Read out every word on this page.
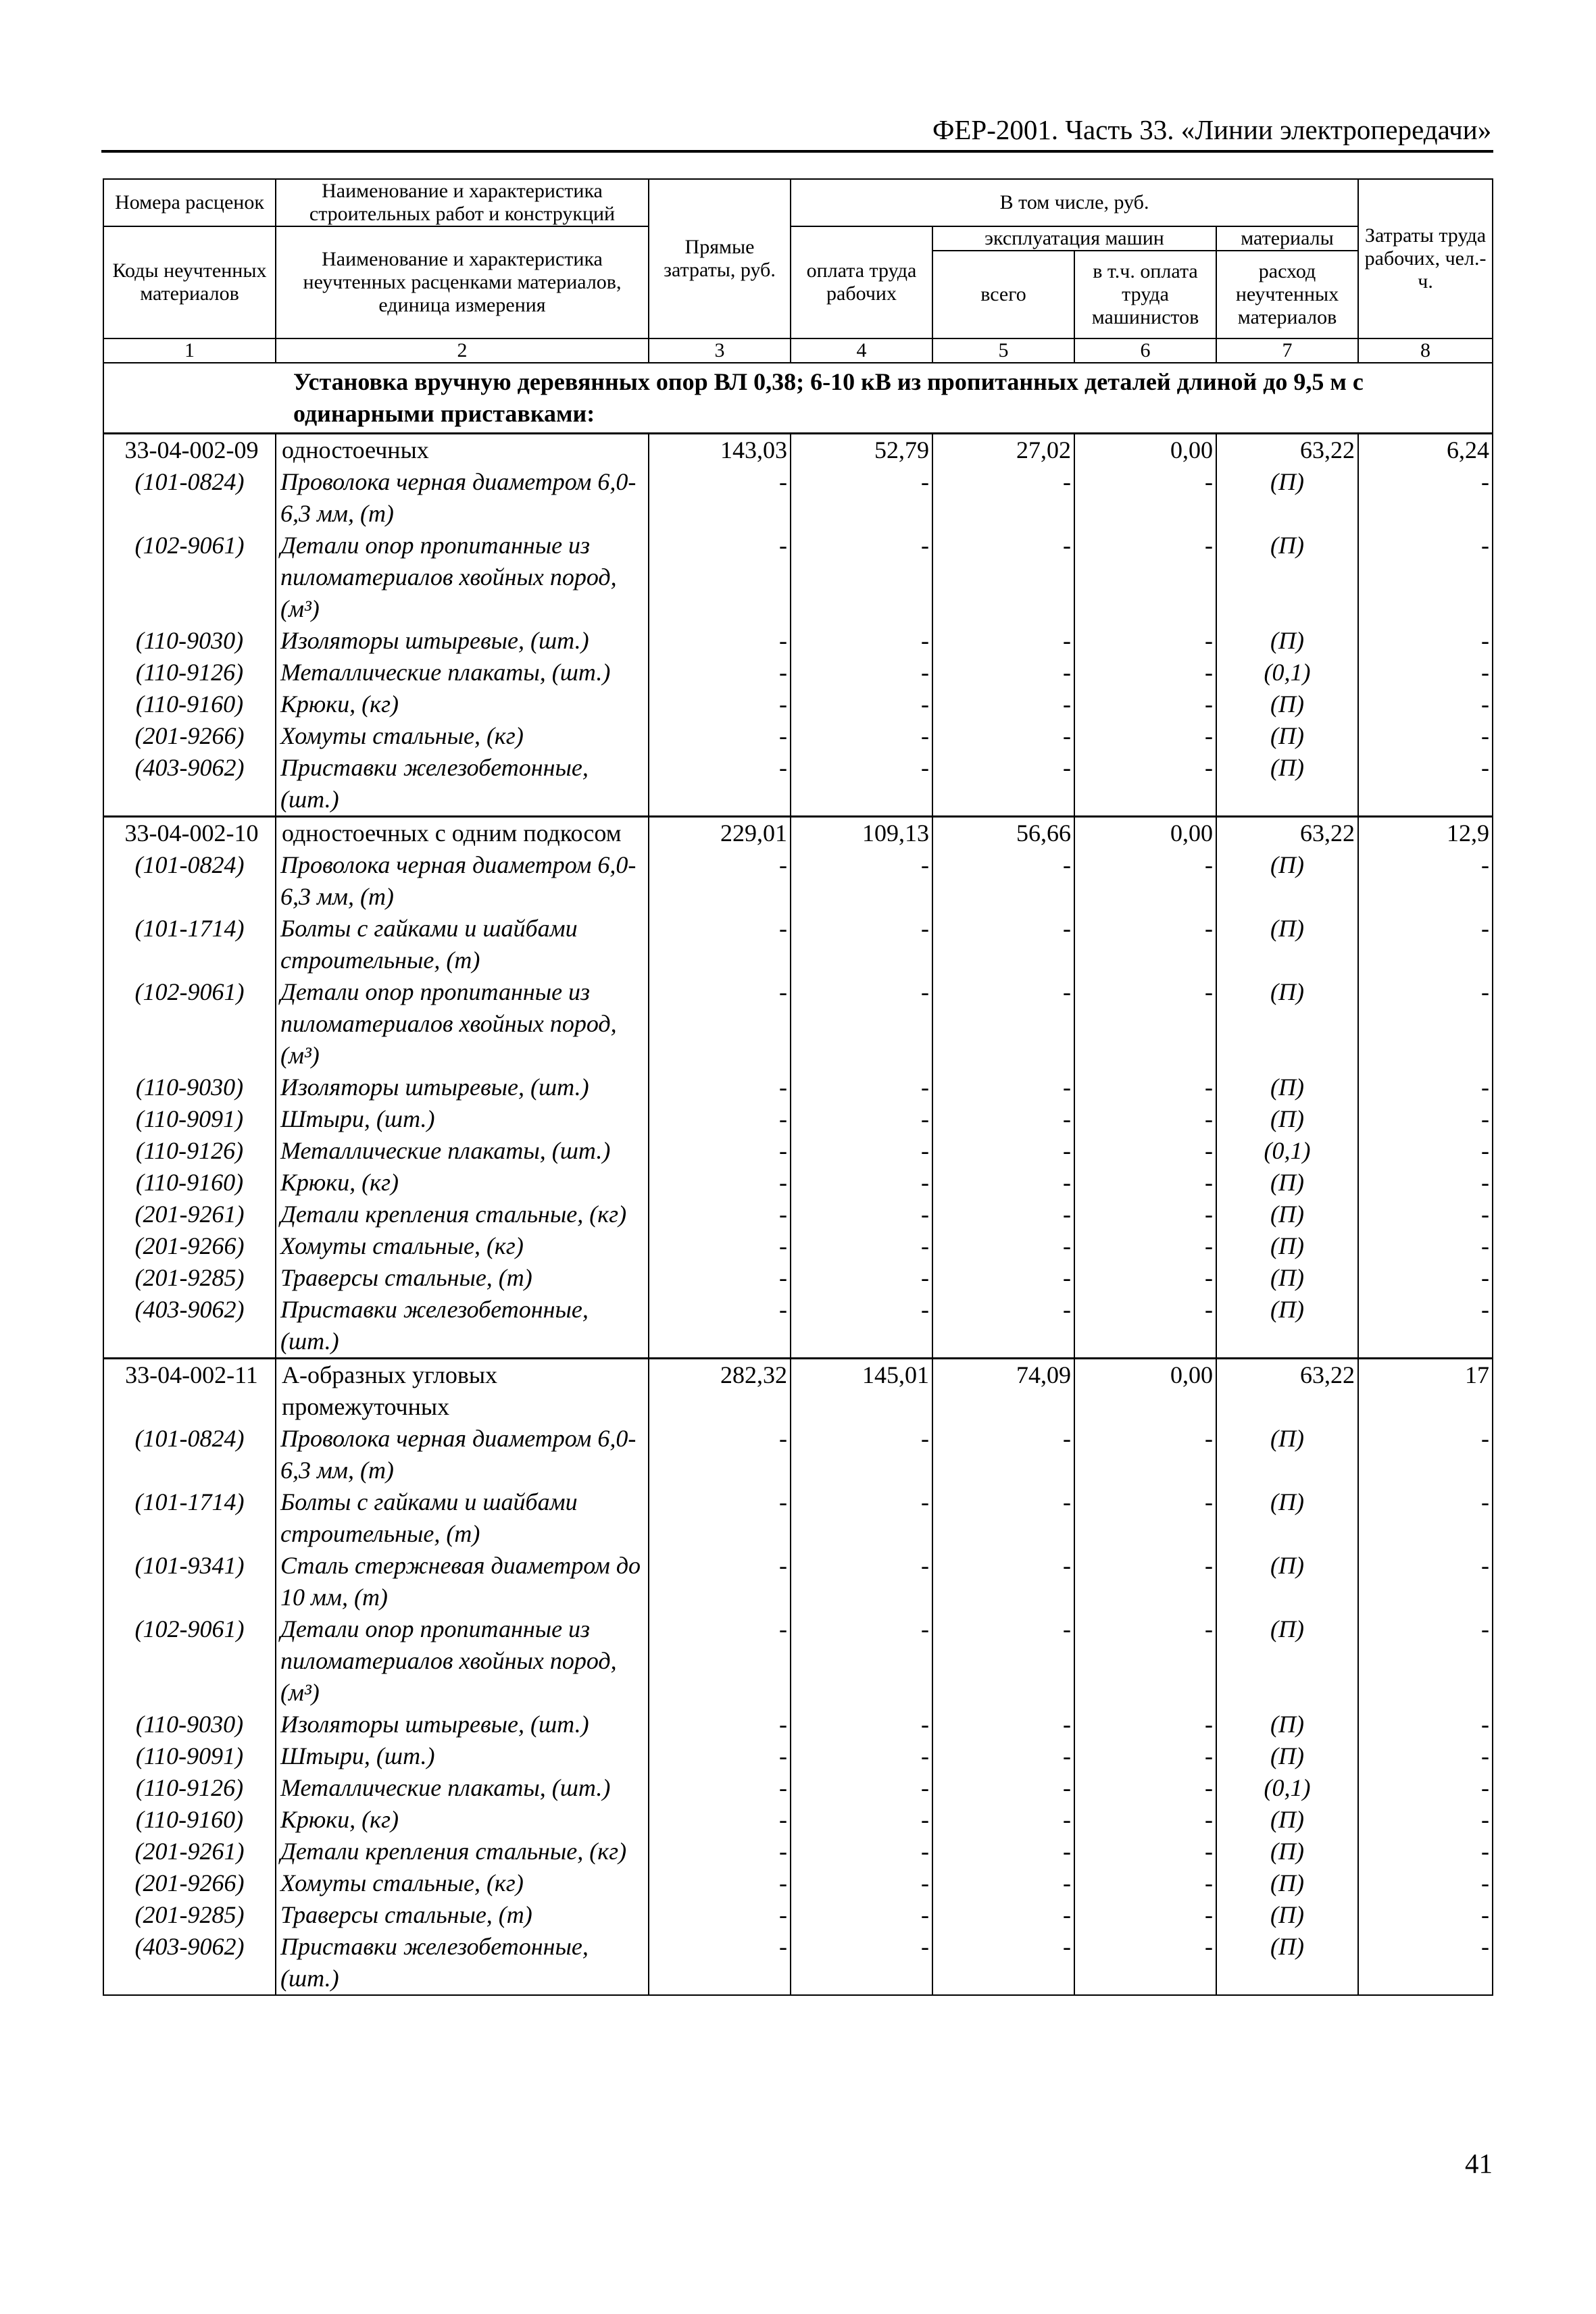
ФЕР-2001. Часть 33. «Линии электропередачи»
Номера расценок	Наименование и характеристика строительных работ и конструкций	Прямые затраты, руб.	В том числе, руб.				Затраты труда рабочих, чел.-ч.
Коды неучтенных материалов	Наименование и характеристика неучтенных расценками материалов, единица измерения		оплата труда рабочих	эксплуатация машин		материалы	
				всего	в т.ч. оплата труда машинистов	расход неучтенных материалов	

1	2	3	4	5	6	7	8
Установка вручную деревянных опор ВЛ 0,38; 6-10 кВ из пропитанных деталей длиной до 9,5 м с одинарными приставками:							
33-04-002-09	одностоечных	143,03	52,79	27,02	0,00	63,22	6,24
(101-0824)	Проволока черная диаметром 6,0-6,3 мм, (т)	-	-	-	-	(П)	-
(102-9061)	Детали опор пропитанные из пиломатериалов хвойных пород, (м³)	-	-	-	-	(П)	-
(110-9030)	Изоляторы штыревые, (шт.)	-	-	-	-	(П)	-
(110-9126)	Металлические плакаты, (шт.)	-	-	-	-	(0,1)	-
(110-9160)	Крюки, (кг)	-	-	-	-	(П)	-
(201-9266)	Хомуты стальные, (кг)	-	-	-	-	(П)	-
(403-9062)	Приставки железобетонные, (шт.)	-	-	-	-	(П)	-
33-04-002-10	одностоечных с одним подкосом	229,01	109,13	56,66	0,00	63,22	12,9
(101-0824)	Проволока черная диаметром 6,0-6,3 мм, (т)	-	-	-	-	(П)	-
(101-1714)	Болты с гайками и шайбами строительные, (т)	-	-	-	-	(П)	-
(102-9061)	Детали опор пропитанные из пиломатериалов хвойных пород, (м³)	-	-	-	-	(П)	-
(110-9030)	Изоляторы штыревые, (шт.)	-	-	-	-	(П)	-
(110-9091)	Штыри, (шт.)	-	-	-	-	(П)	-
(110-9126)	Металлические плакаты, (шт.)	-	-	-	-	(0,1)	-
(110-9160)	Крюки, (кг)	-	-	-	-	(П)	-
(201-9261)	Детали крепления стальные, (кг)	-	-	-	-	(П)	-
(201-9266)	Хомуты стальные, (кг)	-	-	-	-	(П)	-
(201-9285)	Траверсы стальные, (т)	-	-	-	-	(П)	-
(403-9062)	Приставки железобетонные, (шт.)	-	-	-	-	(П)	-
33-04-002-11	А-образных угловых промежуточных	282,32	145,01	74,09	0,00	63,22	17
(101-0824)	Проволока черная диаметром 6,0-6,3 мм, (т)	-	-	-	-	(П)	-
(101-1714)	Болты с гайками и шайбами строительные, (т)	-	-	-	-	(П)	-
(101-9341)	Сталь стержневая диаметром до 10 мм, (т)	-	-	-	-	(П)	-
(102-9061)	Детали опор пропитанные из пиломатериалов хвойных пород, (м³)	-	-	-	-	(П)	-
(110-9030)	Изоляторы штыревые, (шт.)	-	-	-	-	(П)	-
(110-9091)	Штыри, (шт.)	-	-	-	-	(П)	-
(110-9126)	Металлические плакаты, (шт.)	-	-	-	-	(0,1)	-
(110-9160)	Крюки, (кг)	-	-	-	-	(П)	-
(201-9261)	Детали крепления стальные, (кг)	-	-	-	-	(П)	-
(201-9266)	Хомуты стальные, (кг)	-	-	-	-	(П)	-
(201-9285)	Траверсы стальные, (т)	-	-	-	-	(П)	-
(403-9062)	Приставки железобетонные, (шт.)	-	-	-	-	(П)	-
41
